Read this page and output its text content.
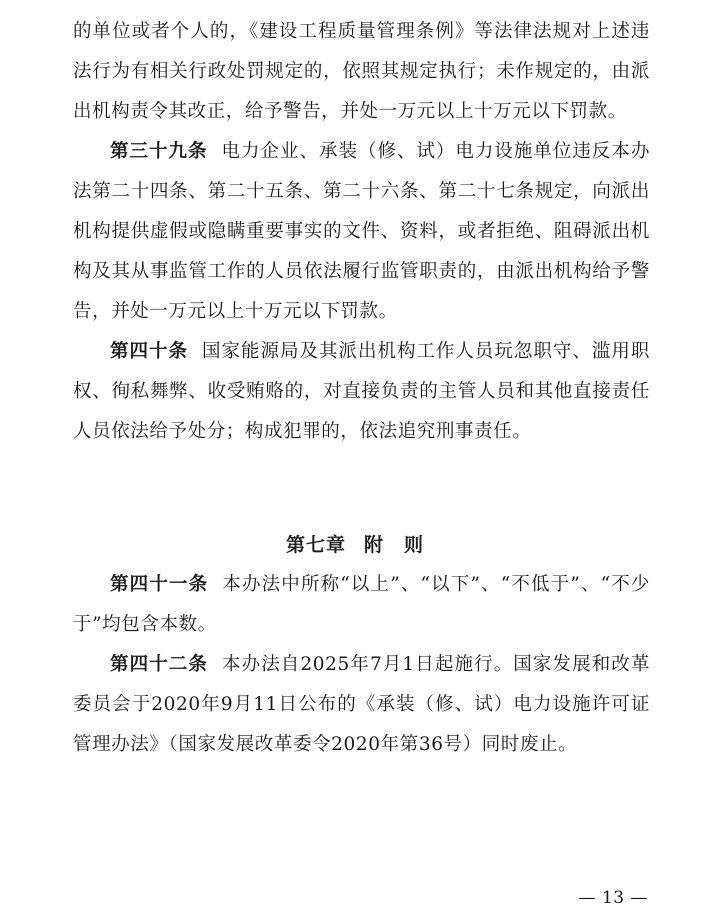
的单位或者个人的，《建设工程质量管理条例》等法律法规对上述违法行为有相关行政处罚规定的，依照其规定执行；未作规定的，由派出机构责令其改正，给予警告，并处一万元以上十万元以下罚款。

第三十九条 电力企业、承装（修、试）电力设施单位违反本办法第二十四条、第二十五条、第二十六条、第二十七条规定，向派出机构提供虚假或隐瞒重要事实的文件、资料，或者拒绝、阻碍派出机构及其从事监管工作的人员依法履行监管职责的，由派出机构给予警告，并处一万元以上十万元以下罚款。

第四十条 国家能源局及其派出机构工作人员玩忽职守、滥用职权、徇私舞弊、收受贿赂的，对直接负责的主管人员和其他直接责任人员依法给予处分；构成犯罪的，依法追究刑事责任。

第七章 附　则

第四十一条 本办法中所称“以上”、“以下”、“不低于”、“不少于”均包含本数。

第四十二条 本办法自2025年7月1日起施行。国家发展和改革委员会于2020年9月11日公布的《承装（修、试）电力设施许可证管理办法》（国家发展改革委令2020年第36号）同时废止。

— 13 —
